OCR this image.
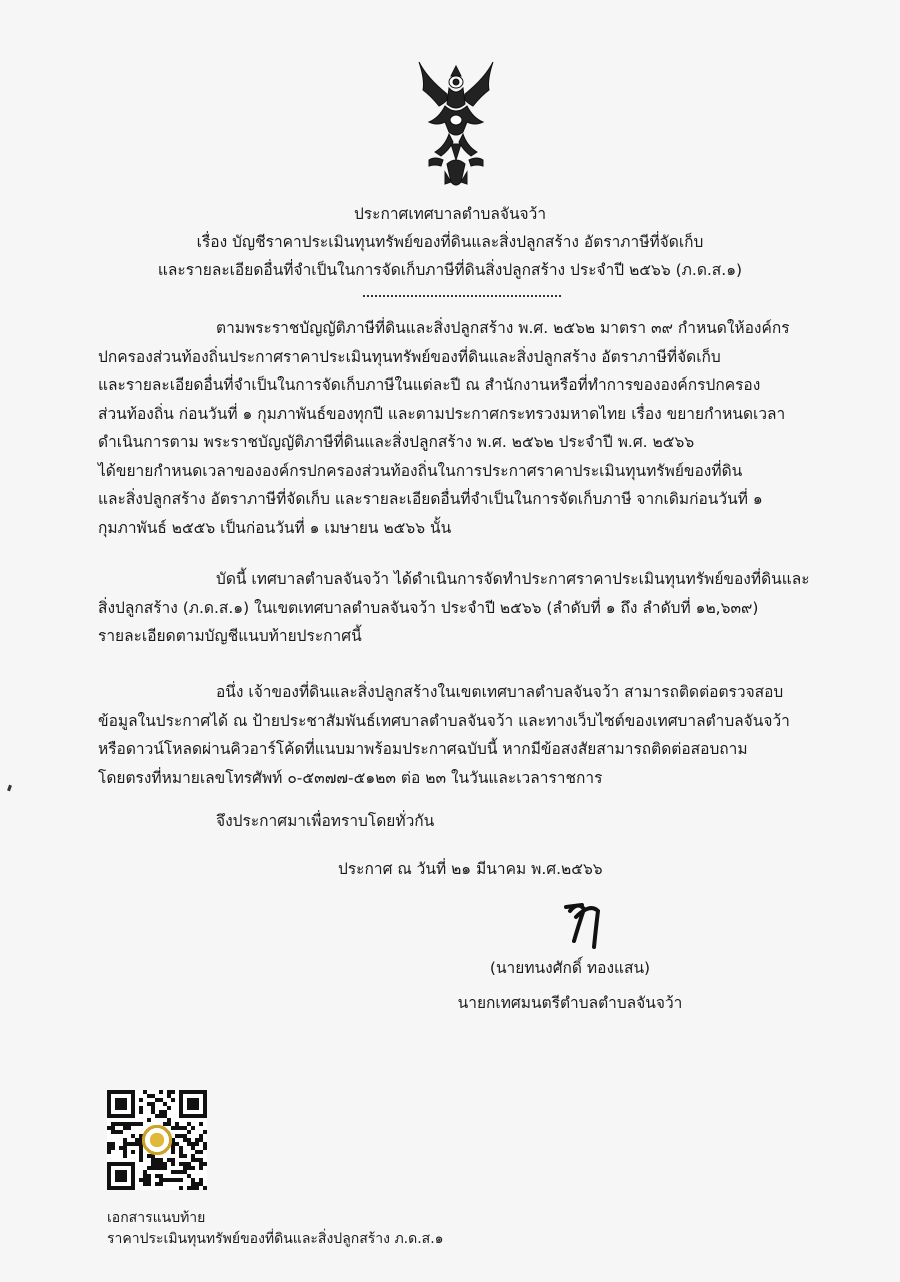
ประกาศเทศบาลตำบลจันจว้า
เรื่อง บัญชีราคาประเมินทุนทรัพย์ของที่ดินและสิ่งปลูกสร้าง อัตราภาษีที่จัดเก็บ
และรายละเอียดอื่นที่จำเป็นในการจัดเก็บภาษีที่ดินสิ่งปลูกสร้าง ประจำปี ๒๕๖๖ (ภ.ด.ส.๑)
ตามพระราชบัญญัติภาษีที่ดินและสิ่งปลูกสร้าง พ.ศ. ๒๕๖๒ มาตรา ๓๙ กำหนดให้องค์กร
ปกครองส่วนท้องถิ่นประกาศราคาประเมินทุนทรัพย์ของที่ดินและสิ่งปลูกสร้าง อัตราภาษีที่จัดเก็บ
และรายละเอียดอื่นที่จำเป็นในการจัดเก็บภาษีในแต่ละปี ณ สำนักงานหรือที่ทำการขององค์กรปกครอง
ส่วนท้องถิ่น ก่อนวันที่ ๑ กุมภาพันธ์ของทุกปี และตามประกาศกระทรวงมหาดไทย เรื่อง ขยายกำหนดเวลา
ดำเนินการตาม พระราชบัญญัติภาษีที่ดินและสิ่งปลูกสร้าง พ.ศ. ๒๕๖๒ ประจำปี พ.ศ. ๒๕๖๖
ได้ขยายกำหนดเวลาขององค์กรปกครองส่วนท้องถิ่นในการประกาศราคาประเมินทุนทรัพย์ของที่ดิน
และสิ่งปลูกสร้าง อัตราภาษีที่จัดเก็บ และรายละเอียดอื่นที่จำเป็นในการจัดเก็บภาษี จากเดิมก่อนวันที่ ๑
กุมภาพันธ์ ๒๕๕๖ เป็นก่อนวันที่ ๑ เมษายน ๒๕๖๖ นั้น
บัดนี้ เทศบาลตำบลจันจว้า ได้ดำเนินการจัดทำประกาศราคาประเมินทุนทรัพย์ของที่ดินและ
สิ่งปลูกสร้าง (ภ.ด.ส.๑) ในเขตเทศบาลตำบลจันจว้า ประจำปี ๒๕๖๖ (ลำดับที่ ๑ ถึง ลำดับที่ ๑๒,๖๓๙)
รายละเอียดตามบัญชีแนบท้ายประกาศนี้
อนึ่ง เจ้าของที่ดินและสิ่งปลูกสร้างในเขตเทศบาลตำบลจันจว้า สามารถติดต่อตรวจสอบ
ข้อมูลในประกาศได้ ณ ป้ายประชาสัมพันธ์เทศบาลตำบลจันจว้า และทางเว็บไซต์ของเทศบาลตำบลจันจว้า
หรือดาวน์โหลดผ่านคิวอาร์โค้ดที่แนบมาพร้อมประกาศฉบับนี้ หากมีข้อสงสัยสามารถติดต่อสอบถาม
โดยตรงที่หมายเลขโทรศัพท์ ๐-๕๓๗๗-๕๑๒๓ ต่อ ๒๓ ในวันและเวลาราชการ
จึงประกาศมาเพื่อทราบโดยทั่วกัน
ประกาศ ณ วันที่ ๒๑ มีนาคม พ.ศ.๒๕๖๖
(นายทนงศักดิ์ ทองแสน)
นายกเทศมนตรีตำบลตำบลจันจว้า
เอกสารแนบท้าย
ราคาประเมินทุนทรัพย์ของที่ดินและสิ่งปลูกสร้าง ภ.ด.ส.๑
